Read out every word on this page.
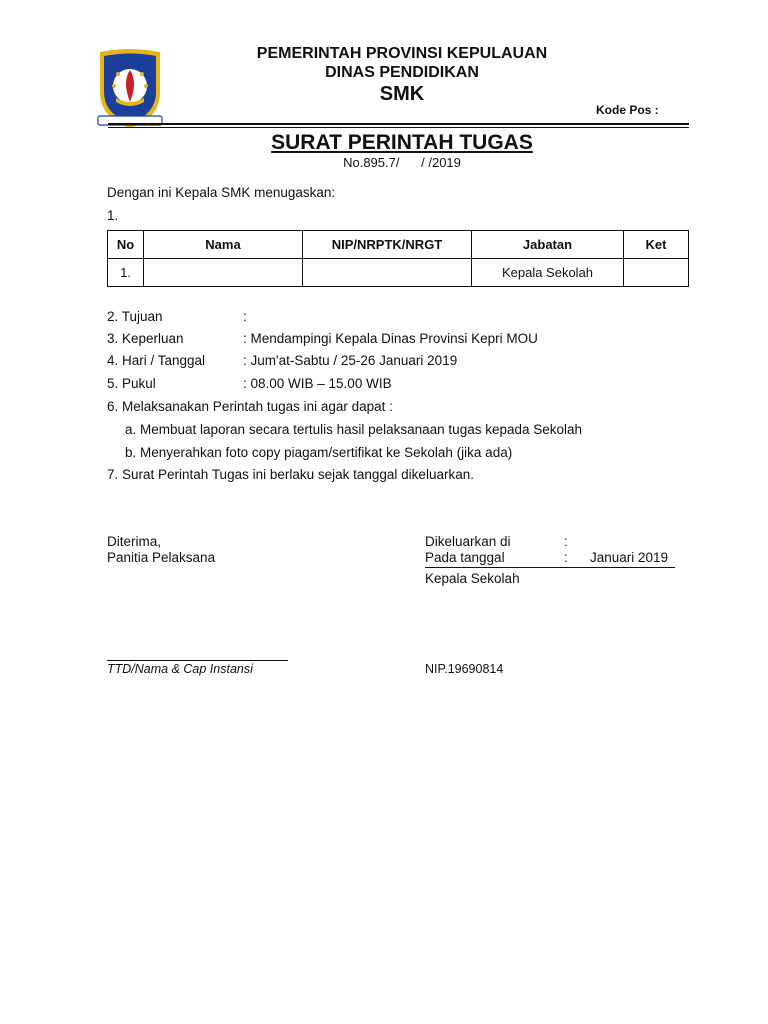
PEMERINTAH PROVINSI KEPULAUAN
DINAS PENDIDIKAN
SMK
Kode Pos :
SURAT PERINTAH TUGAS
No.895.7/      / /2019
Dengan ini Kepala SMK menugaskan:
1.
No	Nama	NIP/NRPTK/NRGT	Jabatan	Ket
1.			Kepala Sekolah	
2. Tujuan	:
3. Keperluan	: Mendampingi Kepala Dinas Provinsi Kepri MOU
4. Hari / Tanggal	: Jum'at-Sabtu / 25-26 Januari 2019
5. Pukul	: 08.00 WIB – 15.00 WIB
6. Melaksanakan Perintah tugas ini agar dapat :
a. Membuat laporan secara tertulis hasil pelaksanaan tugas kepada Sekolah
b. Menyerahkan foto copy piagam/sertifikat ke Sekolah (jika ada)
7. Surat Perintah Tugas ini berlaku sejak tanggal dikeluarkan.
Diterima,
Panitia Pelaksana
TTD/Nama & Cap Instansi
Dikeluarkan di	:
Pada tanggal	: Januari 2019
Kepala Sekolah
NIP.19690814
